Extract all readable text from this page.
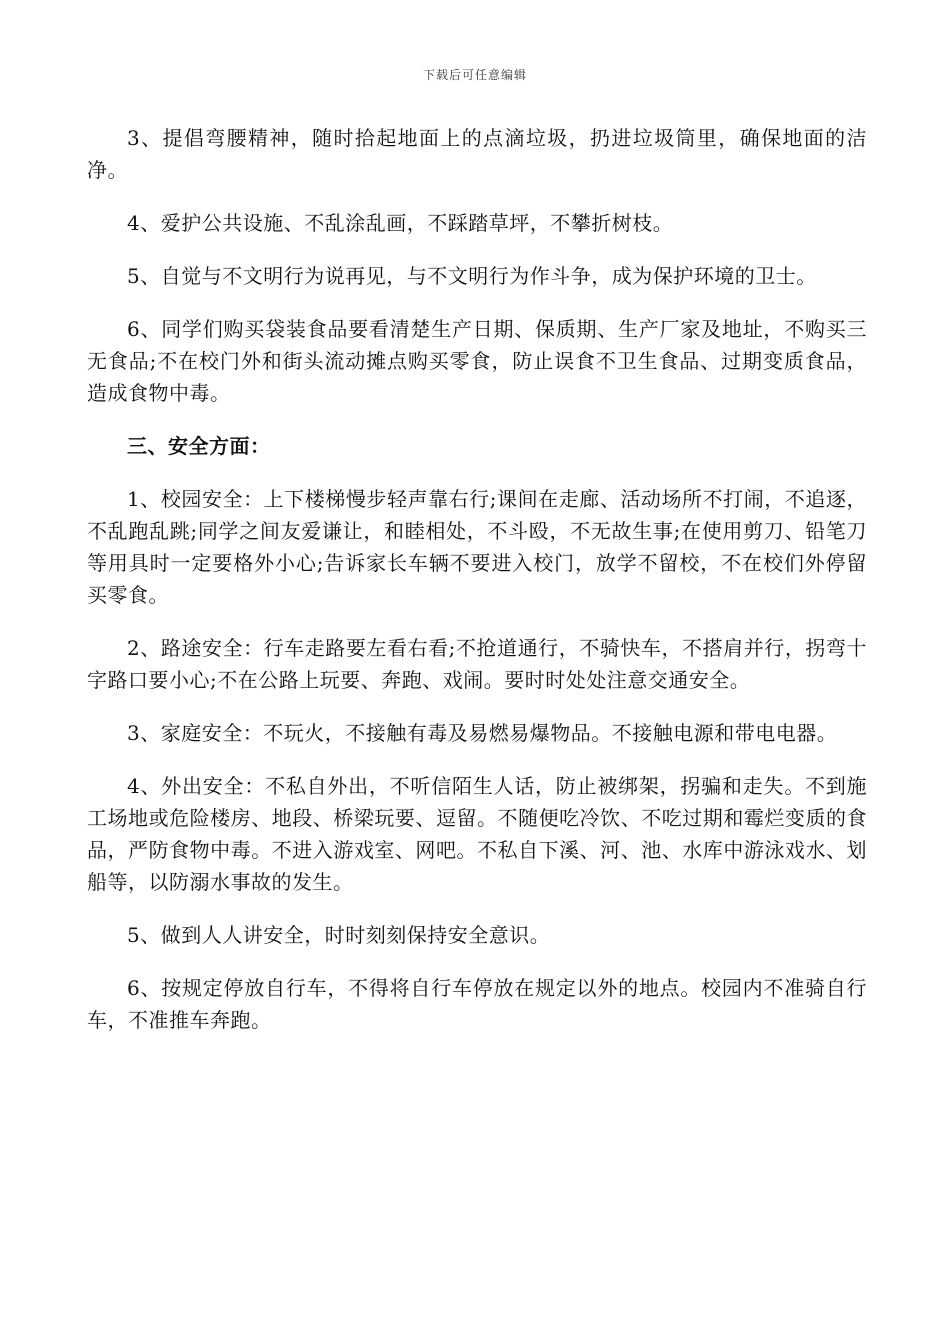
下载后可任意编辑

3、提倡弯腰精神，随时拾起地面上的点滴垃圾，扔进垃圾筒里，确保地面的洁净。

4、爱护公共设施、不乱涂乱画，不踩踏草坪，不攀折树枝。

5、自觉与不文明行为说再见，与不文明行为作斗争，成为保护环境的卫士。

6、同学们购买袋装食品要看清楚生产日期、保质期、生产厂家及地址，不购买三无食品;不在校门外和街头流动摊点购买零食，防止误食不卫生食品、过期变质食品，造成食物中毒。

三、安全方面：

1、校园安全：上下楼梯慢步轻声靠右行;课间在走廊、活动场所不打闹，不追逐，不乱跑乱跳;同学之间友爱谦让，和睦相处，不斗殴，不无故生事;在使用剪刀、铅笔刀等用具时一定要格外小心;告诉家长车辆不要进入校门，放学不留校，不在校们外停留买零食。

2、路途安全：行车走路要左看右看;不抢道通行，不骑快车，不搭肩并行，拐弯十字路口要小心;不在公路上玩要、奔跑、戏闹。要时时处处注意交通安全。

3、家庭安全：不玩火，不接触有毒及易燃易爆物品。不接触电源和带电电器。

4、外出安全：不私自外出，不听信陌生人话，防止被绑架，拐骗和走失。不到施工场地或危险楼房、地段、桥梁玩要、逗留。不随便吃冷饮、不吃过期和霉烂变质的食品，严防食物中毒。不进入游戏室、网吧。不私自下溪、河、池、水库中游泳戏水、划船等，以防溺水事故的发生。

5、做到人人讲安全，时时刻刻保持安全意识。

6、按规定停放自行车，不得将自行车停放在规定以外的地点。校园内不准骑自行车，不准推车奔跑。
